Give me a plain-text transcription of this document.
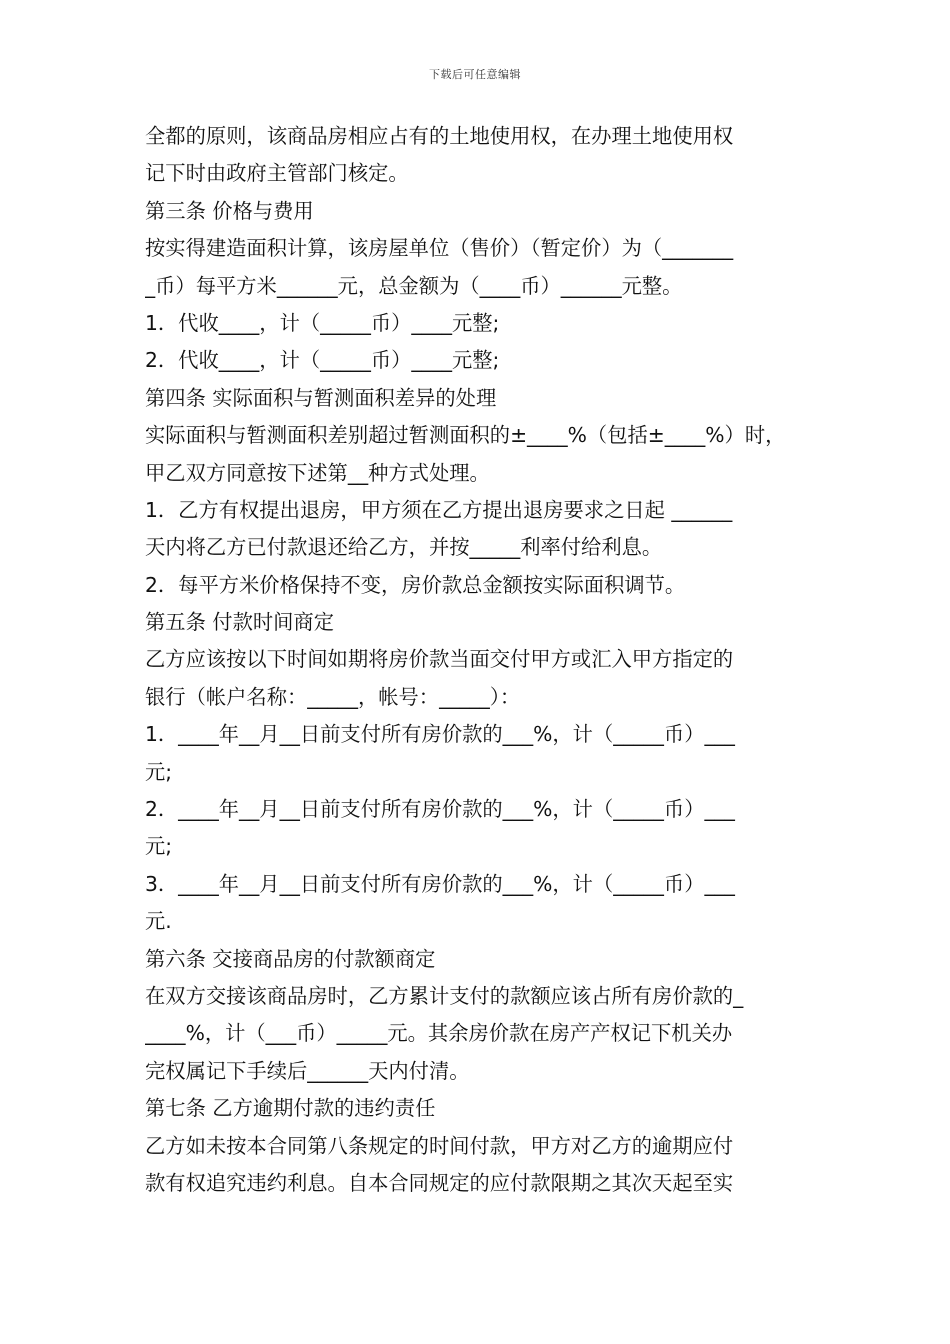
下载后可任意编辑
全都的原则，该商品房相应占有的土地使用权，在办理土地使用权
记下时由政府主管部门核定。
第三条 价格与费用
按实得建造面积计算，该房屋单位（售价）（暂定价）为（_______
_币）每平方米______元，总金额为（____币）______元整。
1．代收____，计（_____币）____元整;
2．代收____，计（_____币）____元整;
第四条 实际面积与暂测面积差异的处理
实际面积与暂测面积差别超过暂测面积的±____%（包括±____%）时，
甲乙双方同意按下述第__种方式处理。
1．乙方有权提出退房，甲方须在乙方提出退房要求之日起 ______
天内将乙方已付款退还给乙方，并按_____利率付给利息。
2．每平方米价格保持不变，房价款总金额按实际面积调节。
第五条 付款时间商定
乙方应该按以下时间如期将房价款当面交付甲方或汇入甲方指定的
银行（帐户名称：_____，帐号：_____）：
1．____年__月__日前支付所有房价款的___%，计（_____币）___
元;
2．____年__月__日前支付所有房价款的___%，计（_____币）___
元;
3．____年__月__日前支付所有房价款的___%，计（_____币）___
元.
第六条 交接商品房的付款额商定
在双方交接该商品房时，乙方累计支付的款额应该占所有房价款的_
____%，计（___币）_____元。其余房价款在房产产权记下机关办
完权属记下手续后______天内付清。
第七条 乙方逾期付款的违约责任
乙方如未按本合同第八条规定的时间付款，甲方对乙方的逾期应付
款有权追究违约利息。自本合同规定的应付款限期之其次天起至实
